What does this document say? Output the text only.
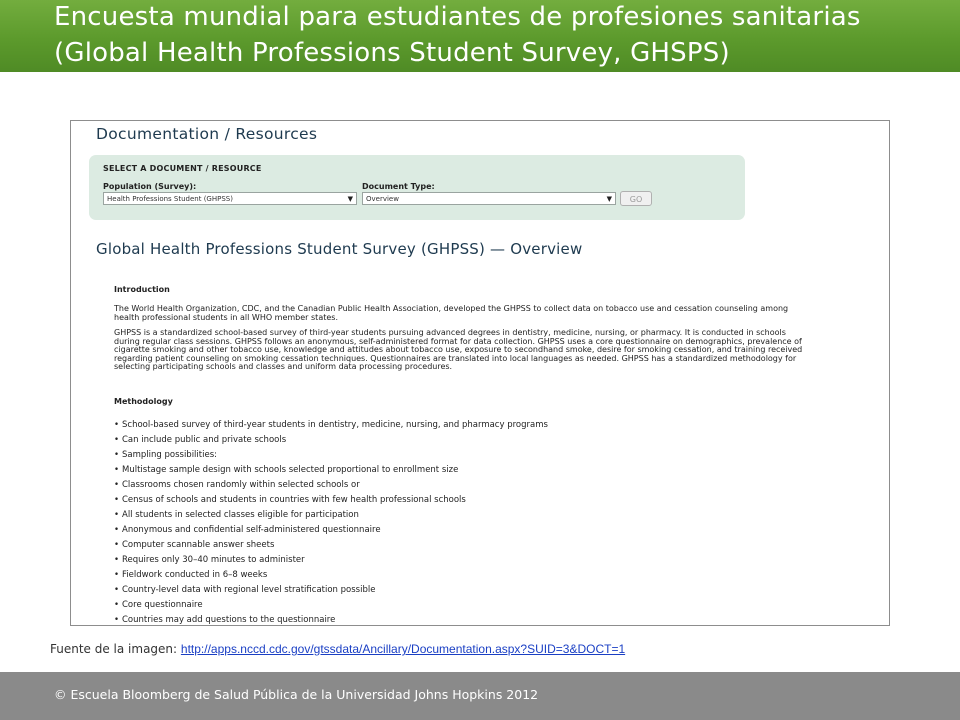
Encuesta mundial para estudiantes de profesiones sanitarias
(Global Health Professions Student Survey, GHSPS)
Documentation / Resources
SELECT A DOCUMENT / RESOURCE
Population (Survey):
Health Professions Student (GHPSS)	▼
Document Type:
Overview	▼	GO
Global Health Professions Student Survey (GHPSS) — Overview
Introduction
The World Health Organization, CDC, and the Canadian Public Health Association, developed the GHPSS to collect data on tobacco use and cessation counseling among health professional students in all WHO member states.
GHPSS is a standardized school-based survey of third-year students pursuing advanced degrees in dentistry, medicine, nursing, or pharmacy. It is conducted in schools during regular class sessions. GHPSS follows an anonymous, self-administered format for data collection. GHPSS uses a core questionnaire on demographics, prevalence of cigarette smoking and other tobacco use, knowledge and attitudes about tobacco use, exposure to secondhand smoke, desire for smoking cessation, and training received regarding patient counseling on smoking cessation techniques. Questionnaires are translated into local languages as needed. GHPSS has a standardized methodology for selecting participating schools and classes and uniform data processing procedures.
Methodology
• School-based survey of third-year students in dentistry, medicine, nursing, and pharmacy programs
• Can include public and private schools
• Sampling possibilities:
• Multistage sample design with schools selected proportional to enrollment size
• Classrooms chosen randomly within selected schools or
• Census of schools and students in countries with few health professional schools
• All students in selected classes eligible for participation
• Anonymous and confidential self-administered questionnaire
• Computer scannable answer sheets
• Requires only 30–40 minutes to administer
• Fieldwork conducted in 6–8 weeks
• Country-level data with regional level stratification possible
• Core questionnaire
• Countries may add questions to the questionnaire
Fuente de la imagen: http://apps.nccd.cdc.gov/gtssdata/Ancillary/Documentation.aspx?SUID=3&DOCT=1
© Escuela Bloomberg de Salud Pública de la Universidad Johns Hopkins 2012
